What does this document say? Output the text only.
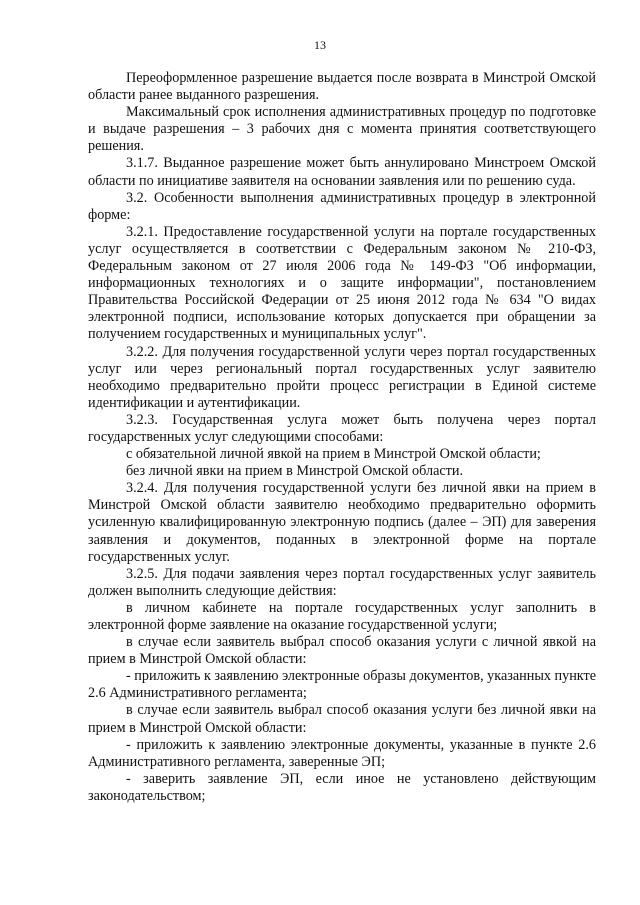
13

Переоформленное разрешение выдается после возврата в Минстрой Омской области ранее выданного разрешения.

Максимальный срок исполнения административных процедур по подготовке и выдаче разрешения – 3 рабочих дня с момента принятия соответствующего решения.

3.1.7. Выданное разрешение может быть аннулировано Минстроем Омской области по инициативе заявителя на основании заявления или по решению суда.

3.2. Особенности выполнения административных процедур в электронной форме:

3.2.1. Предоставление государственной услуги на портале государственных услуг осуществляется в соответствии с Федеральным законом № 210-ФЗ, Федеральным законом от 27 июля 2006 года № 149-ФЗ "Об информации, информационных технологиях и о защите информации", постановлением Правительства Российской Федерации от 25 июня 2012 года № 634 "О видах электронной подписи, использование которых допускается при обращении за получением государственных и муниципальных услуг".

3.2.2. Для получения государственной услуги через портал государственных услуг или через региональный портал государственных услуг заявителю необходимо предварительно пройти процесс регистрации в Единой системе идентификации и аутентификации.

3.2.3. Государственная услуга может быть получена через портал государственных услуг следующими способами:

с обязательной личной явкой на прием в Минстрой Омской области;

без личной явки на прием в Минстрой Омской области.

3.2.4. Для получения государственной услуги без личной явки на прием в Минстрой Омской области заявителю необходимо предварительно оформить усиленную квалифицированную электронную подпись (далее – ЭП) для заверения заявления и документов, поданных в электронной форме на портале государственных услуг.

3.2.5. Для подачи заявления через портал государственных услуг заявитель должен выполнить следующие действия:

в личном кабинете на портале государственных услуг заполнить в электронной форме заявление на оказание государственной услуги;

в случае если заявитель выбрал способ оказания услуги с личной явкой на прием в Минстрой Омской области:

- приложить к заявлению электронные образы документов, указанных пункте 2.6 Административного регламента;

в случае если заявитель выбрал способ оказания услуги без личной явки на прием в Минстрой Омской области:

- приложить к заявлению электронные документы, указанные в пункте 2.6 Административного регламента, заверенные ЭП;

- заверить заявление ЭП, если иное не установлено действующим законодательством;
